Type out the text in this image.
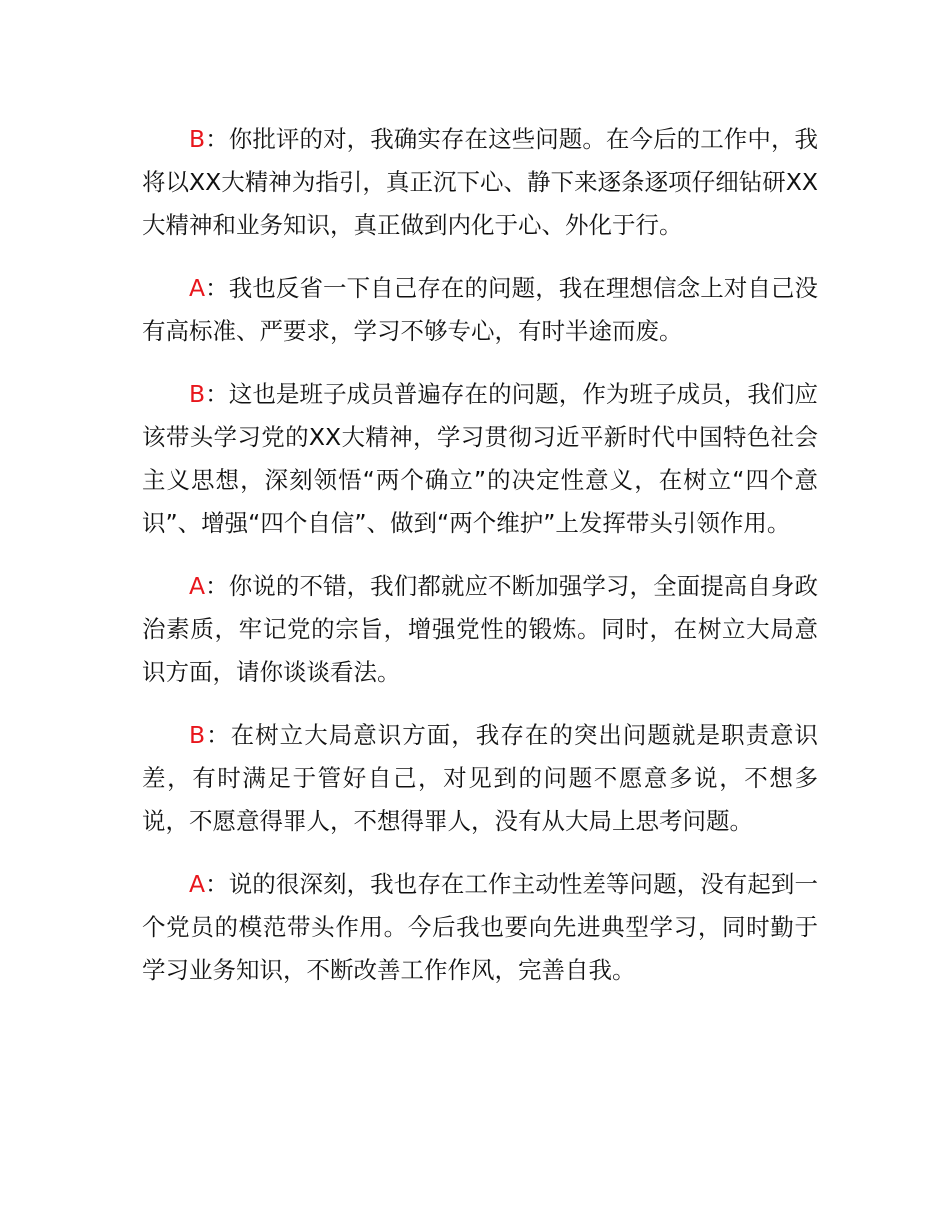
B：你批评的对，我确实存在这些问题。在今后的工作中，我将以XX大精神为指引，真正沉下心、静下来逐条逐项仔细钻研XX大精神和业务知识，真正做到内化于心、外化于行。

A：我也反省一下自己存在的问题，我在理想信念上对自己没有高标准、严要求，学习不够专心，有时半途而废。

B：这也是班子成员普遍存在的问题，作为班子成员，我们应该带头学习党的XX大精神，学习贯彻习近平新时代中国特色社会主义思想，深刻领悟“两个确立”的决定性意义，在树立“四个意识”、增强“四个自信”、做到“两个维护”上发挥带头引领作用。

A：你说的不错，我们都就应不断加强学习，全面提高自身政治素质，牢记党的宗旨，增强党性的锻炼。同时，在树立大局意识方面，请你谈谈看法。

B：在树立大局意识方面，我存在的突出问题就是职责意识差，有时满足于管好自己，对见到的问题不愿意多说，不想多说，不愿意得罪人，不想得罪人，没有从大局上思考问题。

A：说的很深刻，我也存在工作主动性差等问题，没有起到一个党员的模范带头作用。今后我也要向先进典型学习，同时勤于学习业务知识，不断改善工作作风，完善自我。
